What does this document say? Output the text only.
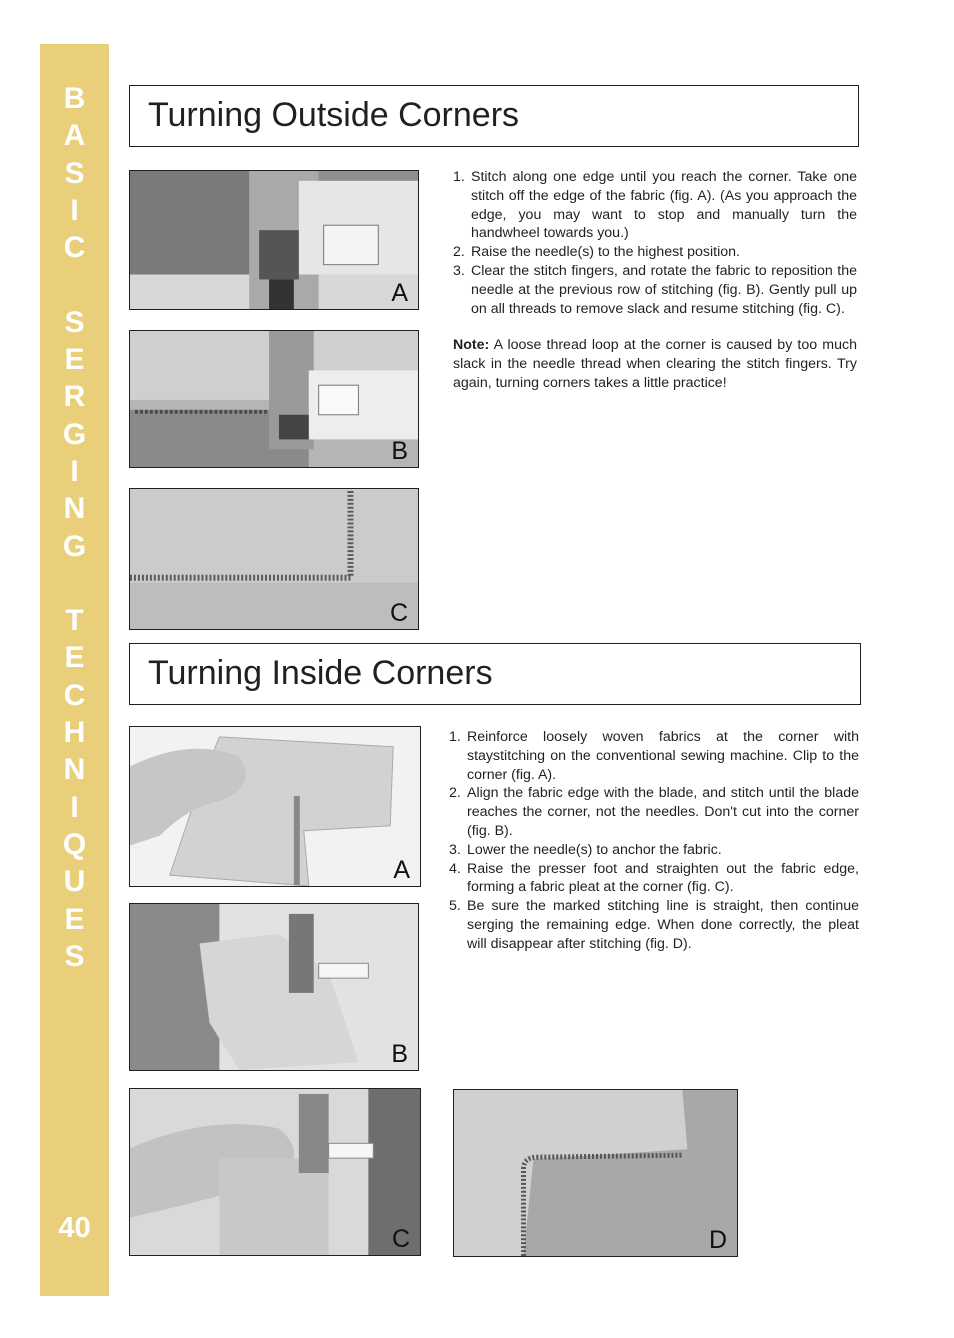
B
A
S
I
C

S
E
R
G
I
N
G

T
E
C
H
N
I
Q
U
E
S
40
Turning Outside Corners
A
B
C
1. Stitch along one edge until you reach the corner. Take one stitch off the edge of the fabric (fig. A). (As you approach the edge, you may want to stop and manually turn the handwheel towards you.)
2. Raise the needle(s) to the highest position.
3. Clear the stitch fingers, and rotate the fabric to reposition the needle at the previous row of stitching (fig. B). Gently pull up on all threads to remove slack and resume stitching (fig. C).
Note: A loose thread loop at the corner is caused by too much slack in the needle thread when clearing the stitch fingers. Try again, turning corners takes a little practice!
Turning Inside Corners
A
B
C	D
1. Reinforce loosely woven fabrics at the corner with staystitching on the conventional sewing machine. Clip to the corner (fig. A).
2. Align the fabric edge with the blade, and stitch until the blade reaches the corner, not the needles. Don't cut into the corner (fig. B).
3. Lower the needle(s) to anchor the fabric.
4. Raise the presser foot and straighten out the fabric edge, forming a fabric pleat at the corner (fig. C).
5. Be sure the marked stitching line is straight, then continue serging the remaining edge. When done correctly, the pleat will disappear after stitching (fig. D).
